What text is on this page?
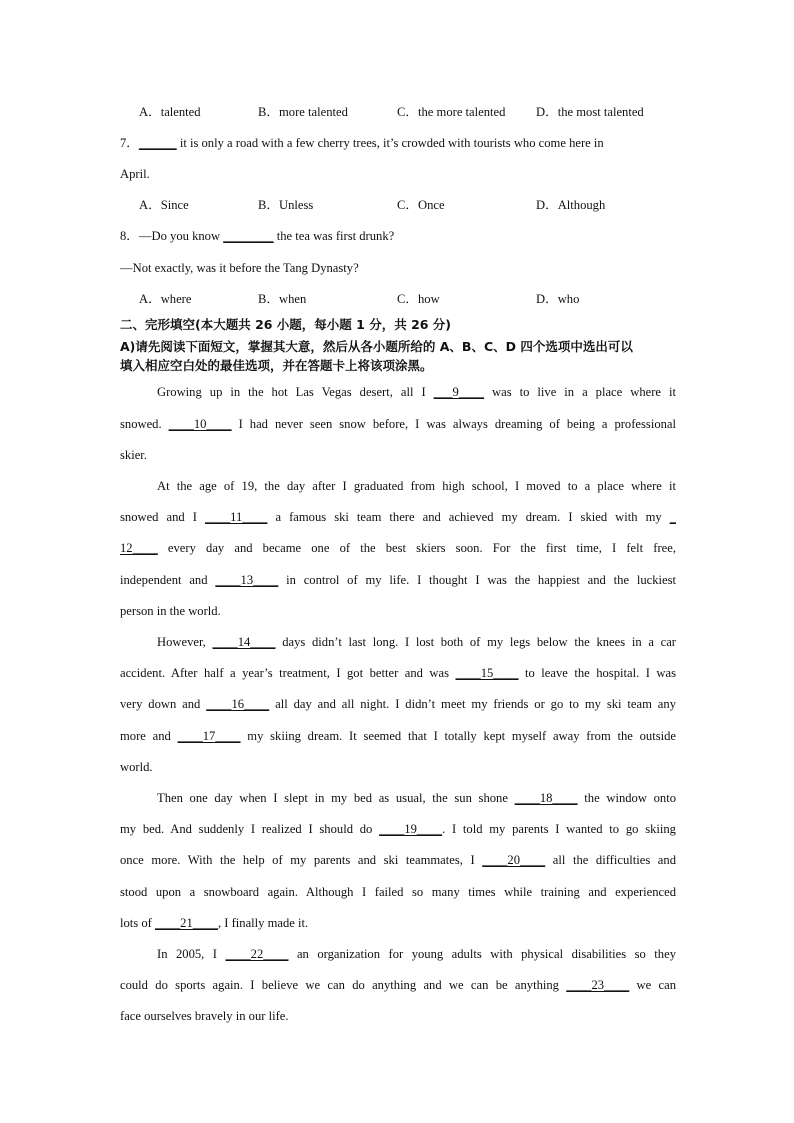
A．talented	B．more talented	C．the more talented D．the most talented
7．______ it is only a road with a few cherry trees, it’s crowded with tourists who come here in
April.
A．Since	B．Unless	C．Once	D．Although
8．—Do you know ________ the tea was first drunk?
—Not exactly, was it before the Tang Dynasty?
A．where	B．when	C．how	D．who
二、完形填空(本大题共 26 小题，每小题 1 分，共 26 分)
A)请先阅读下面短文，掌握其大意，然后从各小题所给的 A、B、C、D 四个选项中选出可以
填入相应空白处的最佳选项，并在答题卡上将该项涂黑。
Growing up in the hot Las Vegas desert, all I ___9____ was to live in a place where it
snowed. ____10____ I had never seen snow before, I was always dreaming of being a professional
skier.
At the age of 19, the day after I graduated from high school, I moved to a place where it
snowed and I ____11____ a famous ski team there and achieved my dream. I skied with my _
12____ every day and became one of the best skiers soon. For the first time, I felt free,
independent and ____13____ in control of my life. I thought I was the happiest and the luckiest
person in the world.
However, ____14____ days didn’t last long. I lost both of my legs below the knees in a car
accident. After half a year’s treatment, I got better and was ____15____ to leave the hospital. I was
very down and ____16____ all day and all night. I didn’t meet my friends or go to my ski team any
more and ____17____ my skiing dream. It seemed that I totally kept myself away from the outside
world.
Then one day when I slept in my bed as usual, the sun shone ____18____ the window onto
my bed. And suddenly I realized I should do ____19____. I told my parents I wanted to go skiing
once more. With the help of my parents and ski teammates, I ____20____ all the difficulties and
stood upon a snowboard again. Although I failed so many times while training and experienced
lots of ____21____, I finally made it.
In 2005, I ____22____ an organization for young adults with physical disabilities so they
could do sports again. I believe we can do anything and we can be anything ____23____ we can
face ourselves bravely in our life.
